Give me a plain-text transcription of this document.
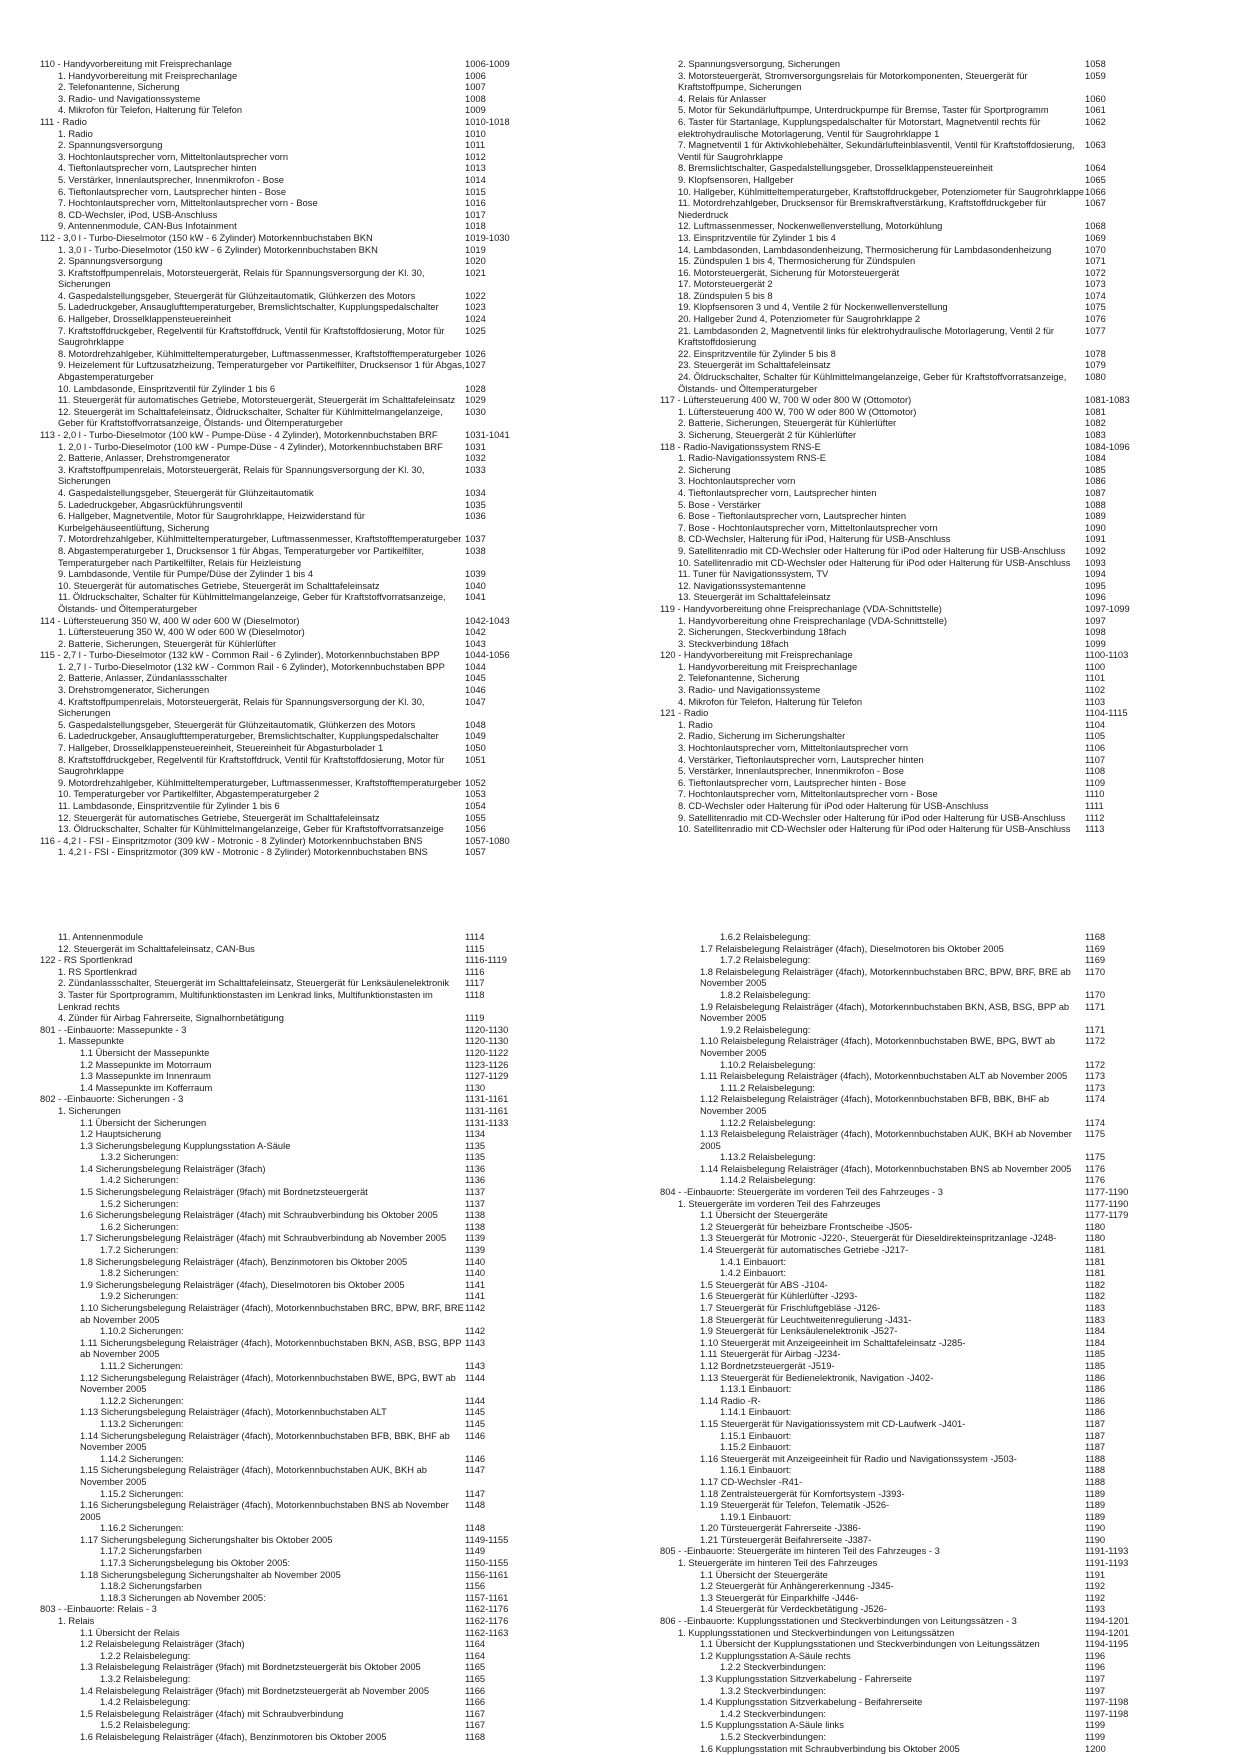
110 - Handyvorbereitung mit Freisprechanlage	1006-1009
1. Handyvorbereitung mit Freisprechanlage	1006
2. Telefonantenne, Sicherung	1007
3. Radio- und Navigationssysteme	1008
4. Mikrofon für Telefon, Halterung für Telefon	1009
111 - Radio	1010-1018
1. Radio	1010
2. Spannungsversorgung	1011
3. Hochtonlautsprecher vorn, Mitteltonlautsprecher vorn	1012
4. Tieftonlautsprecher vorn, Lautsprecher hinten	1013
5. Verstärker, Innenlautsprecher, Innenmikrofon - Bose	1014
6. Tieftonlautsprecher vorn, Lautsprecher hinten - Bose	1015
7. Hochtonlautsprecher vorn, Mitteltonlautsprecher vorn - Bose	1016
8. CD-Wechsler, iPod, USB-Anschluss	1017
9. Antennenmodule, CAN-Bus Infotainment	1018
112 - 3,0 l - Turbo-Dieselmotor (150 kW - 6 Zylinder) Motorkennbuchstaben BKN	1019-1030
1. 3,0 l - Turbo-Dieselmotor (150 kW - 6 Zylinder) Motorkennbuchstaben BKN	1019
2. Spannungsversorgung	1020
3. Kraftstoffpumpenrelais, Motorsteuergerät, Relais für Spannungsversorgung der Kl. 30, Sicherungen
1021
4. Gaspedalstellungsgeber, Steuergerät für Glühzeitautomatik, Glühkerzen des Motors	1022
5. Ladedruckgeber, Ansauglufttemperaturgeber, Bremslichtschalter, Kupplungspedalschalter	1023
6. Hallgeber, Drosselklappensteuereinheit	1024
7. Kraftstoffdruckgeber, Regelventil für Kraftstoffdruck, Ventil für Kraftstoffdosierung, Motor für Saugrohrklappe
1025
8. Motordrehzahlgeber, Kühlmitteltemperaturgeber, Luftmassenmesser, Kraftstofftemperaturgeber 1026
9. Heizelement für Luftzusatzheizung, Temperaturgeber vor Partikelfilter, Drucksensor 1 für Abgas, Abgastemperaturgeber
1027
10. Lambdasonde, Einspritzventil für Zylinder 1 bis 6	1028
11. Steuergerät für automatisches Getriebe, Motorsteuergerät, Steuergerät im Schalttafeleinsatz	1029
12. Steuergerät im Schalttafeleinsatz, Öldruckschalter, Schalter für Kühlmittelmangelanzeige, Geber für Kraftstoffvorratsanzeige, Ölstands- und Öltemperaturgeber
1030
113 - 2,0 l - Turbo-Dieselmotor (100 kW - Pumpe-Düse - 4 Zylinder), Motorkennbuchstaben BRF	1031-1041
1. 2,0 l - Turbo-Dieselmotor (100 kW - Pumpe-Düse - 4 Zylinder), Motorkennbuchstaben BRF	1031
2. Batterie, Anlasser, Drehstromgenerator	1032
3. Kraftstoffpumpenrelais, Motorsteuergerät, Relais für Spannungsversorgung der Kl. 30, Sicherungen
1033
4. Gaspedalstellungsgeber, Steuergerät für Glühzeitautomatik	1034
5. Ladedruckgeber, Abgasrückführungsventil	1035
6. Hallgeber, Magnetventile, Motor für Saugrohrklappe, Heizwiderstand für Kurbelgehäuseentlüftung, Sicherung
1036
7. Motordrehzahlgeber, Kühlmitteltemperaturgeber, Luftmassenmesser, Kraftstofftemperaturgeber 1037
8. Abgastemperaturgeber 1, Drucksensor 1 für Abgas, Temperaturgeber vor Partikelfilter, Temperaturgeber nach Partikelfilter, Relais für Heizleistung
1038
9. Lambdasonde, Ventile für Pumpe/Düse der Zylinder 1 bis 4	1039
10. Steuergerät für automatisches Getriebe, Steuergerät im Schalttafeleinsatz	1040
11. Öldruckschalter, Schalter für Kühlmittelmangelanzeige, Geber für Kraftstoffvorratsanzeige, Ölstands- und Öltemperaturgeber
1041
114 - Lüftersteuerung 350 W, 400 W oder 600 W (Dieselmotor)	1042-1043
1. Lüftersteuerung 350 W, 400 W oder 600 W (Dieselmotor)	1042
2. Batterie, Sicherungen, Steuergerät für Kühlerlüfter	1043
115 - 2,7 l - Turbo-Dieselmotor (132 kW - Common Rail - 6 Zylinder), Motorkennbuchstaben BPP	1044-1056
1. 2,7 l - Turbo-Dieselmotor (132 kW - Common Rail - 6 Zylinder), Motorkennbuchstaben BPP	1044
2. Batterie, Anlasser, Zündanlassschalter	1045
3. Drehstromgenerator, Sicherungen	1046
4. Kraftstoffpumpenrelais, Motorsteuergerät, Relais für Spannungsversorgung der Kl. 30, Sicherungen
1047
5. Gaspedalstellungsgeber, Steuergerät für Glühzeitautomatik, Glühkerzen des Motors	1048
6. Ladedruckgeber, Ansauglufttemperaturgeber, Bremslichtschalter, Kupplungspedalschalter	1049
7. Hallgeber, Drosselklappensteuereinheit, Steuereinheit für Abgasturbolader 1	1050
8. Kraftstoffdruckgeber, Regelventil für Kraftstoffdruck, Ventil für Kraftstoffdosierung, Motor für Saugrohrklappe
1051
9. Motordrehzahlgeber, Kühlmitteltemperaturgeber, Luftmassenmesser, Kraftstofftemperaturgeber 1052
10. Temperaturgeber vor Partikelfilter, Abgastemperaturgeber 2	1053
11. Lambdasonde, Einspritzventile für Zylinder 1 bis 6	1054
12. Steuergerät für automatisches Getriebe, Steuergerät im Schalttafeleinsatz	1055
13. Öldruckschalter, Schalter für Kühlmittelmangelanzeige, Geber für Kraftstoffvorratsanzeige	1056
116 - 4,2 l - FSI - Einspritzmotor (309 kW - Motronic - 8 Zylinder) Motorkennbuchstaben BNS	1057-1080
1. 4,2 l - FSI - Einspritzmotor (309 kW - Motronic - 8 Zylinder) Motorkennbuchstaben BNS	1057
2. Spannungsversorgung, Sicherungen	1058
3. Motorsteuergerät, Stromversorgungsrelais für Motorkomponenten, Steuergerät für Kraftstoffpumpe, Sicherungen
1059
4. Relais für Anlasser	1060
5. Motor für Sekundärluftpumpe, Unterdruckpumpe für Bremse, Taster für Sportprogramm	1061
6. Taster für Startanlage, Kupplungspedalschalter für Motorstart, Magnetventil rechts für elektrohydraulische Motorlagerung, Ventil für Saugrohrklappe 1
1062
7. Magnetventil 1 für Aktivkohlebehälter, Sekundärlufteinblasventil, Ventil für Kraftstoffdosierung, Ventil für Saugrohrklappe
1063
8. Bremslichtschalter, Gaspedalstellungsgeber, Drosselklappensteuereinheit	1064
9. Klopfsensoren, Hallgeber	1065
10. Hallgeber, Kühlmitteltemperaturgeber, Kraftstoffdruckgeber, Potenziometer für Saugrohrklappe 1066
11. Motordrehzahlgeber, Drucksensor für Bremskraftverstärkung, Kraftstoffdruckgeber für Niederdruck
1067
12. Luftmassenmesser, Nockenwellenverstellung, Motorkühlung	1068
13. Einspritzventile für Zylinder 1 bis 4	1069
14. Lambdasonden, Lambdasondenheizung, Thermosicherung für Lambdasondenheizung	1070
15. Zündspulen 1 bis 4, Thermosicherung für Zündspulen	1071
16. Motorsteuergerät, Sicherung für Motorsteuergerät	1072
17. Motorsteuergerät 2	1073
18. Zündspulen 5 bis 8	1074
19. Klopfsensoren 3 und 4, Ventile 2 für Nockenwellenverstellung	1075
20. Hallgeber 2und 4, Potenziometer für Saugrohrklappe 2	1076
21. Lambdasonden 2, Magnetventil links für elektrohydraulische Motorlagerung, Ventil 2 für Kraftstoffdosierung
1077
22. Einspritzventile für Zylinder 5 bis 8	1078
23. Steuergerät im Schalttafeleinsatz	1079
24. Öldruckschalter, Schalter für Kühlmittelmangelanzeige, Geber für Kraftstoffvorratsanzeige, Ölstands- und Öltemperaturgeber
1080
117 - Lüftersteuerung 400 W, 700 W oder 800 W (Ottomotor)	1081-1083
1. Lüftersteuerung 400 W, 700 W oder 800 W (Ottomotor)	1081
2. Batterie, Sicherungen, Steuergerät für Kühlerlüfter	1082
3. Sicherung, Steuergerät 2 für Kühlerlüfter	1083
118 - Radio-Navigationssystem RNS-E	1084-1096
1. Radio-Navigationssystem RNS-E	1084
2. Sicherung	1085
3. Hochtonlautsprecher vorn	1086
4. Tieftonlautsprecher vorn, Lautsprecher hinten	1087
5. Bose - Verstärker	1088
6. Bose - Tieftonlautsprecher vorn, Lautsprecher hinten	1089
7. Bose - Hochtonlautsprecher vorn, Mitteltonlautsprecher vorn	1090
8. CD-Wechsler, Halterung für iPod, Halterung für USB-Anschluss	1091
9. Satellitenradio mit CD-Wechsler oder Halterung für iPod oder Halterung für USB-Anschluss	1092
10. Satellitenradio mit CD-Wechsler oder Halterung für iPod oder Halterung für USB-Anschluss	1093
11. Tuner für Navigationssystem, TV	1094
12. Navigationssystemantenne	1095
13. Steuergerät im Schalttafeleinsatz	1096
119 - Handyvorbereitung ohne Freisprechanlage (VDA-Schnittstelle)	1097-1099
1. Handyvorbereitung ohne Freisprechanlage (VDA-Schnittstelle)	1097
2. Sicherungen, Steckverbindung 18fach	1098
3. Steckverbindung 18fach	1099
120 - Handyvorbereitung mit Freisprechanlage	1100-1103
1. Handyvorbereitung mit Freisprechanlage	1100
2. Telefonantenne, Sicherung	1101
3. Radio- und Navigationssysteme	1102
4. Mikrofon für Telefon, Halterung für Telefon	1103
121 - Radio	1104-1115
1. Radio	1104
2. Radio, Sicherung im Sicherungshalter	1105
3. Hochtonlautsprecher vorn, Mitteltonlautsprecher vorn	1106
4. Verstärker, Tieftonlautsprecher vorn, Lautsprecher hinten	1107
5. Verstärker, Innenlautsprecher, Innenmikrofon - Bose	1108
6. Tieftonlautsprecher vorn, Lautsprecher hinten - Bose	1109
7. Hochtonlautsprecher vorn, Mitteltonlautsprecher vorn - Bose	1110
8. CD-Wechsler oder Halterung für iPod oder Halterung für USB-Anschluss	1111
9. Satellitenradio mit CD-Wechsler oder Halterung für iPod oder Halterung für USB-Anschluss	1112
10. Satellitenradio mit CD-Wechsler oder Halterung für iPod oder Halterung für USB-Anschluss	1113
11. Antennenmodule	1114
12. Steuergerät im Schalttafeleinsatz, CAN-Bus	1115
122 - RS Sportlenkrad	1116-1119
1. RS Sportlenkrad	1116
2. Zündanlassschalter, Steuergerät im Schalttafeleinsatz, Steuergerät für Lenksäulenelektronik	1117
3. Taster für Sportprogramm, Multifunktionstasten im Lenkrad links, Multifunktionstasten im Lenkrad rechts
1118
4. Zünder für Airbag Fahrerseite, Signalhornbetätigung	1119
801 - -Einbauorte: Massepunkte - 3	1120-1130
1. Massepunkte	1120-1130
1.1 Übersicht der Massepunkte	1120-1122
1.2 Massepunkte im Motorraum	1123-1126
1.3 Massepunkte im Innenraum	1127-1129
1.4 Massepunkte im Kofferraum	1130
802 - -Einbauorte: Sicherungen - 3	1131-1161
1. Sicherungen	1131-1161
1.1 Übersicht der Sicherungen	1131-1133
1.2 Hauptsicherung	1134
1.3 Sicherungsbelegung Kupplungsstation A-Säule	1135
1.3.2 Sicherungen:	1135
1.4 Sicherungsbelegung Relaisträger (3fach)	1136
1.4.2 Sicherungen:	1136
1.5 Sicherungsbelegung Relaisträger (9fach) mit Bordnetzsteuergerät	1137
1.5.2 Sicherungen:	1137
1.6 Sicherungsbelegung Relaisträger (4fach) mit Schraubverbindung bis Oktober 2005	1138
1.6.2 Sicherungen:	1138
1.7 Sicherungsbelegung Relaisträger (4fach) mit Schraubverbindung ab November 2005	1139
1.7.2 Sicherungen:	1139
1.8 Sicherungsbelegung Relaisträger (4fach), Benzinmotoren bis Oktober 2005	1140
1.8.2 Sicherungen:	1140
1.9 Sicherungsbelegung Relaisträger (4fach), Dieselmotoren bis Oktober 2005	1141
1.9.2 Sicherungen:	1141
1.10 Sicherungsbelegung Relaisträger (4fach), Motorkennbuchstaben BRC, BPW, BRF, BRE ab November 2005
1142
1.10.2 Sicherungen:	1142
1.11 Sicherungsbelegung Relaisträger (4fach), Motorkennbuchstaben BKN, ASB, BSG, BPP ab November 2005
1143
1.11.2 Sicherungen:	1143
1.12 Sicherungsbelegung Relaisträger (4fach), Motorkennbuchstaben BWE, BPG, BWT ab November 2005
1144
1.12.2 Sicherungen:	1144
1.13 Sicherungsbelegung Relaisträger (4fach), Motorkennbuchstaben ALT	1145
1.13.2 Sicherungen:	1145
1.14 Sicherungsbelegung Relaisträger (4fach), Motorkennbuchstaben BFB, BBK, BHF ab November 2005
1146
1.14.2 Sicherungen:	1146
1.15 Sicherungsbelegung Relaisträger (4fach), Motorkennbuchstaben AUK, BKH ab November 2005
1147
1.15.2 Sicherungen:	1147
1.16 Sicherungsbelegung Relaisträger (4fach), Motorkennbuchstaben BNS ab November 2005
1148
1.16.2 Sicherungen:	1148
1.17 Sicherungsbelegung Sicherungshalter bis Oktober 2005	1149-1155
1.17.2 Sicherungsfarben	1149
1.17.3 Sicherungsbelegung bis Oktober 2005:	1150-1155
1.18 Sicherungsbelegung Sicherungshalter ab November 2005	1156-1161
1.18.2 Sicherungsfarben	1156
1.18.3 Sicherungen ab November 2005:	1157-1161
803 - -Einbauorte: Relais - 3	1162-1176
1. Relais	1162-1176
1.1 Übersicht der Relais	1162-1163
1.2 Relaisbelegung Relaisträger (3fach)	1164
1.2.2 Relaisbelegung:	1164
1.3 Relaisbelegung Relaisträger (9fach) mit Bordnetzsteuergerät bis Oktober 2005	1165
1.3.2 Relaisbelegung:	1165
1.4 Relaisbelegung Relaisträger (9fach) mit Bordnetzsteuergerät ab November 2005	1166
1.4.2 Relaisbelegung:	1166
1.5 Relaisbelegung Relaisträger (4fach) mit Schraubverbindung	1167
1.5.2 Relaisbelegung:	1167
1.6 Relaisbelegung Relaisträger (4fach), Benzinmotoren bis Oktober 2005	1168
1.6.2 Relaisbelegung:	1168
1.7 Relaisbelegung Relaisträger (4fach), Dieselmotoren bis Oktober 2005	1169
1.7.2 Relaisbelegung:	1169
1.8 Relaisbelegung Relaisträger (4fach), Motorkennbuchstaben BRC, BPW, BRF, BRE ab November 2005
1170
1.8.2 Relaisbelegung:	1170
1.9 Relaisbelegung Relaisträger (4fach), Motorkennbuchstaben BKN, ASB, BSG, BPP ab November 2005
1171
1.9.2 Relaisbelegung:	1171
1.10 Relaisbelegung Relaisträger (4fach), Motorkennbuchstaben BWE, BPG, BWT ab November 2005
1172
1.10.2 Relaisbelegung:	1172
1.11 Relaisbelegung Relaisträger (4fach), Motorkennbuchstaben ALT ab November 2005	1173
1.11.2 Relaisbelegung:	1173
1.12 Relaisbelegung Relaisträger (4fach), Motorkennbuchstaben BFB, BBK, BHF ab November 2005
1174
1.12.2 Relaisbelegung:	1174
1.13 Relaisbelegung Relaisträger (4fach), Motorkennbuchstaben AUK, BKH ab November 2005
1175
1.13.2 Relaisbelegung:	1175
1.14 Relaisbelegung Relaisträger (4fach), Motorkennbuchstaben BNS ab November 2005	1176
1.14.2 Relaisbelegung:	1176
804 - -Einbauorte: Steuergeräte im vorderen Teil des Fahrzeuges - 3	1177-1190
1. Steuergeräte im vorderen Teil des Fahrzeuges	1177-1190
1.1 Übersicht der Steuergeräte	1177-1179
1.2 Steuergerät für beheizbare Frontscheibe -J505-	1180
1.3 Steuergerät für Motronic -J220-, Steuergerät für Dieseldirekteinspritzanlage -J248-	1180
1.4 Steuergerät für automatisches Getriebe -J217-	1181
1.4.1 Einbauort:	1181
1.4.2 Einbauort:	1181
1.5 Steuergerät für ABS -J104-	1182
1.6 Steuergerät für Kühlerlüfter -J293-	1182
1.7 Steuergerät für Frischluftgebläse -J126-	1183
1.8 Steuergerät für Leuchtweitenregulierung -J431-	1183
1.9 Steuergerät für Lenksäulenelektronik -J527-	1184
1.10 Steuergerät mit Anzeigeeinheit im Schalttafeleinsatz -J285-	1184
1.11 Steuergerät für Airbag -J234-	1185
1.12 Bordnetzsteuergerät -J519-	1185
1.13 Steuergerät für Bedienelektronik, Navigation -J402-	1186
1.13.1 Einbauort:	1186
1.14 Radio -R-	1186
1.14.1 Einbauort:	1186
1.15 Steuergerät für Navigationssystem mit CD-Laufwerk -J401-	1187
1.15.1 Einbauort:	1187
1.15.2 Einbauort:	1187
1.16 Steuergerät mit Anzeigeeinheit für Radio und Navigationssystem -J503-	1188
1.16.1 Einbauort:	1188
1.17 CD-Wechsler -R41-	1188
1.18 Zentralsteuergerät für Komfortsystem -J393-	1189
1.19 Steuergerät für Telefon, Telematik -J526-	1189
1.19.1 Einbauort:	1189
1.20 Türsteuergerät Fahrerseite -J386-	1190
1.21 Türsteuergerät Beifahrerseite -J387-	1190
805 - -Einbauorte: Steuergeräte im hinteren Teil des Fahrzeuges - 3	1191-1193
1. Steuergeräte im hinteren Teil des Fahrzeuges	1191-1193
1.1 Übersicht der Steuergeräte	1191
1.2 Steuergerät für Anhängererkennung -J345-	1192
1.3 Steuergerät für Einparkhilfe -J446-	1192
1.4 Steuergerät für Verdeckbetätigung -J526-	1193
806 - -Einbauorte: Kupplungsstationen und Steckverbindungen von Leitungssätzen - 3	1194-1201
1. Kupplungsstationen und Steckverbindungen von Leitungssätzen	1194-1201
1.1 Übersicht der Kupplungsstationen und Steckverbindungen von Leitungssätzen	1194-1195
1.2 Kupplungsstation A-Säule rechts	1196
1.2.2 Steckverbindungen:	1196
1.3 Kupplungsstation Sitzverkabelung - Fahrerseite	1197
1.3.2 Steckverbindungen:	1197
1.4 Kupplungsstation Sitzverkabelung - Beifahrerseite	1197-1198
1.4.2 Steckverbindungen:	1197-1198
1.5 Kupplungsstation A-Säule links	1199
1.5.2 Steckverbindungen:	1199
1.6 Kupplungsstation mit Schraubverbindung bis Oktober 2005	1200
